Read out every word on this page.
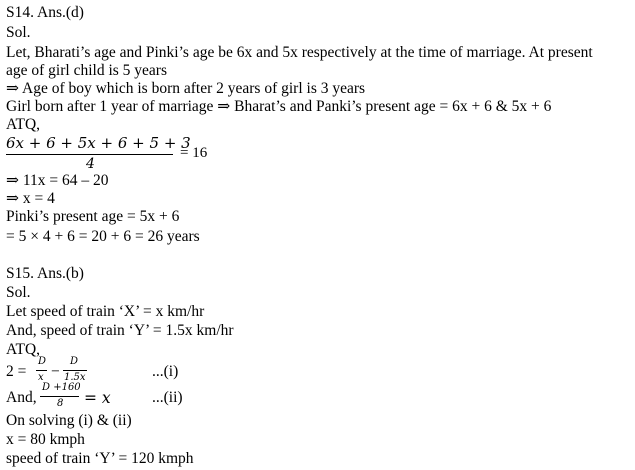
S14. Ans.(d)
Sol.
Let, Bharati’s age and Pinki’s age be 6x and 5x respectively at the time of marriage. At present
age of girl child is 5 years
⇒ Age of boy which is born after 2 years of girl is 3 years
Girl born after 1 year of marriage ⇒ Bharat’s and Panki’s present age = 6x + 6 & 5x + 6
ATQ,
6x + 6 + 5x + 6 + 5 + 3
4
= 16
⇒ 11x = 64 – 20
⇒ x = 4
Pinki’s present age = 5x + 6
= 5 × 4 + 6 = 20 + 6 = 26 years
S15. Ans.(b)
Sol.
Let speed of train ‘X’ = x km/hr
And, speed of train ‘Y’ = 1.5x km/hr
ATQ,
2 =
D
x −
D
1.5x	...(i)
And,
D +160
8 = x	...(ii)
On solving (i) & (ii)
x = 80 kmph
speed of train ‘Y’ = 120 kmph
